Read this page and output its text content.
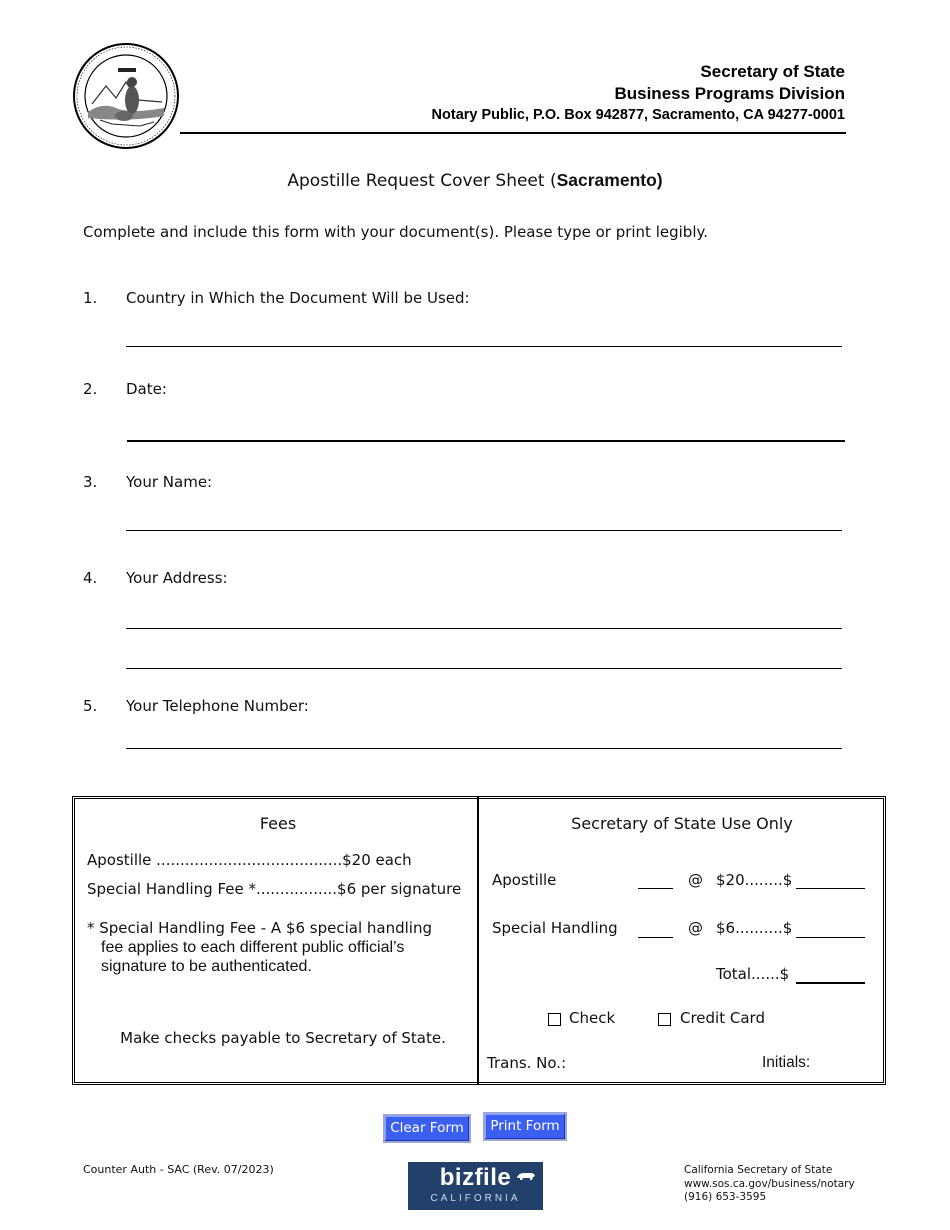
Secretary of State
Business Programs Division
Notary Public, P.O. Box 942877, Sacramento, CA 94277-0001
Apostille Request Cover Sheet (Sacramento)
Complete and include this form with your document(s). Please type or print legibly.
1. Country in Which the Document Will be Used:
2. Date:
3. Your Name:
4. Your Address:
5. Your Telephone Number:
Fees
Apostille .......................................$20 each
Special Handling Fee *.................$6 per signature
* Special Handling Fee - A $6 special handling
fee applies to each different public official’s
signature to be authenticated.
Make checks payable to Secretary of State.
Secretary of State Use Only
Apostille	@ $20........$
Special Handling	@ $6..........$
Total......$
Check	Credit Card
Trans. No.:	Initials:
Clear Form	Print Form
Counter Auth - SAC (Rev. 07/2023)	bizfile
CALIFORNIA
California Secretary of State
www.sos.ca.gov/business/notary
(916) 653-3595
